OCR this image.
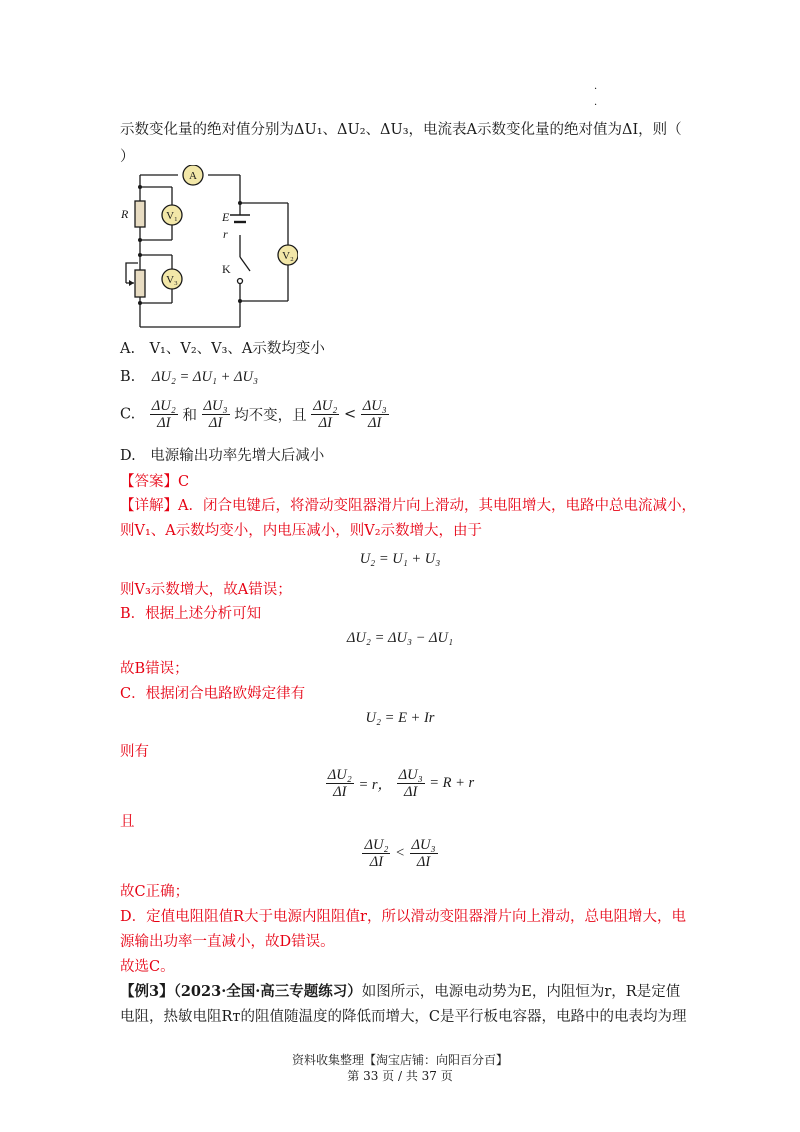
·
·
示数变化量的绝对值分别为ΔU₁、ΔU₂、ΔU₃，电流表A示数变化量的绝对值为ΔI，则（
）
A
V₁
V₃
V₂
R	E
r
K
A.　V₁、V₂、V₃、A示数均变小
B. ΔU₂ = ΔU₁ + ΔU₃
C. $\frac{\text{ΔU₂}}{\Delta I}$ 和 $\frac{\text{ΔU₃}}{\Delta I}$ 均不变，且 $\frac{\text{ΔU₂}}{\Delta I} < \frac{\text{ΔU₃}}{\Delta I}$
D.　电源输出功率先增大后减小
【答案】C
【详解】A．闭合电键后，将滑动变阻器滑片向上滑动，其电阻增大，电路中总电流减小，
则V₁、A示数均变小，内电压减小，则V₂示数增大，由于
U₂ = U₁ + U₃
则V₃示数增大，故A错误；
B．根据上述分析可知
ΔU₂ = ΔU₃ − ΔU₁
故B错误；
C．根据闭合电路欧姆定律有
U₂ = E + Ir
则有
$\frac{\text{ΔU₂}}{\Delta I} = r$， $\frac{\text{ΔU₃}}{\Delta I} = R + r$
且
$\frac{\text{ΔU₂}}{\Delta I} < \frac{\text{ΔU₃}}{\Delta I}$
故C正确；
D．定值电阻阻值R大于电源内阻阻值r，所以滑动变阻器滑片向上滑动，总电阻增大，电
源输出功率一直减小，故D错误。
故选C。
【例3】（2023·全国·高三专题练习）如图所示，电源电动势为E，内阻恒为r，R是定值
电阻，热敏电阻Rᴛ的阻值随温度的降低而增大，C是平行板电容器，电路中的电表均为理
资料收集整理【淘宝店铺：向阳百分百】
第 33 页 / 共 37 页
